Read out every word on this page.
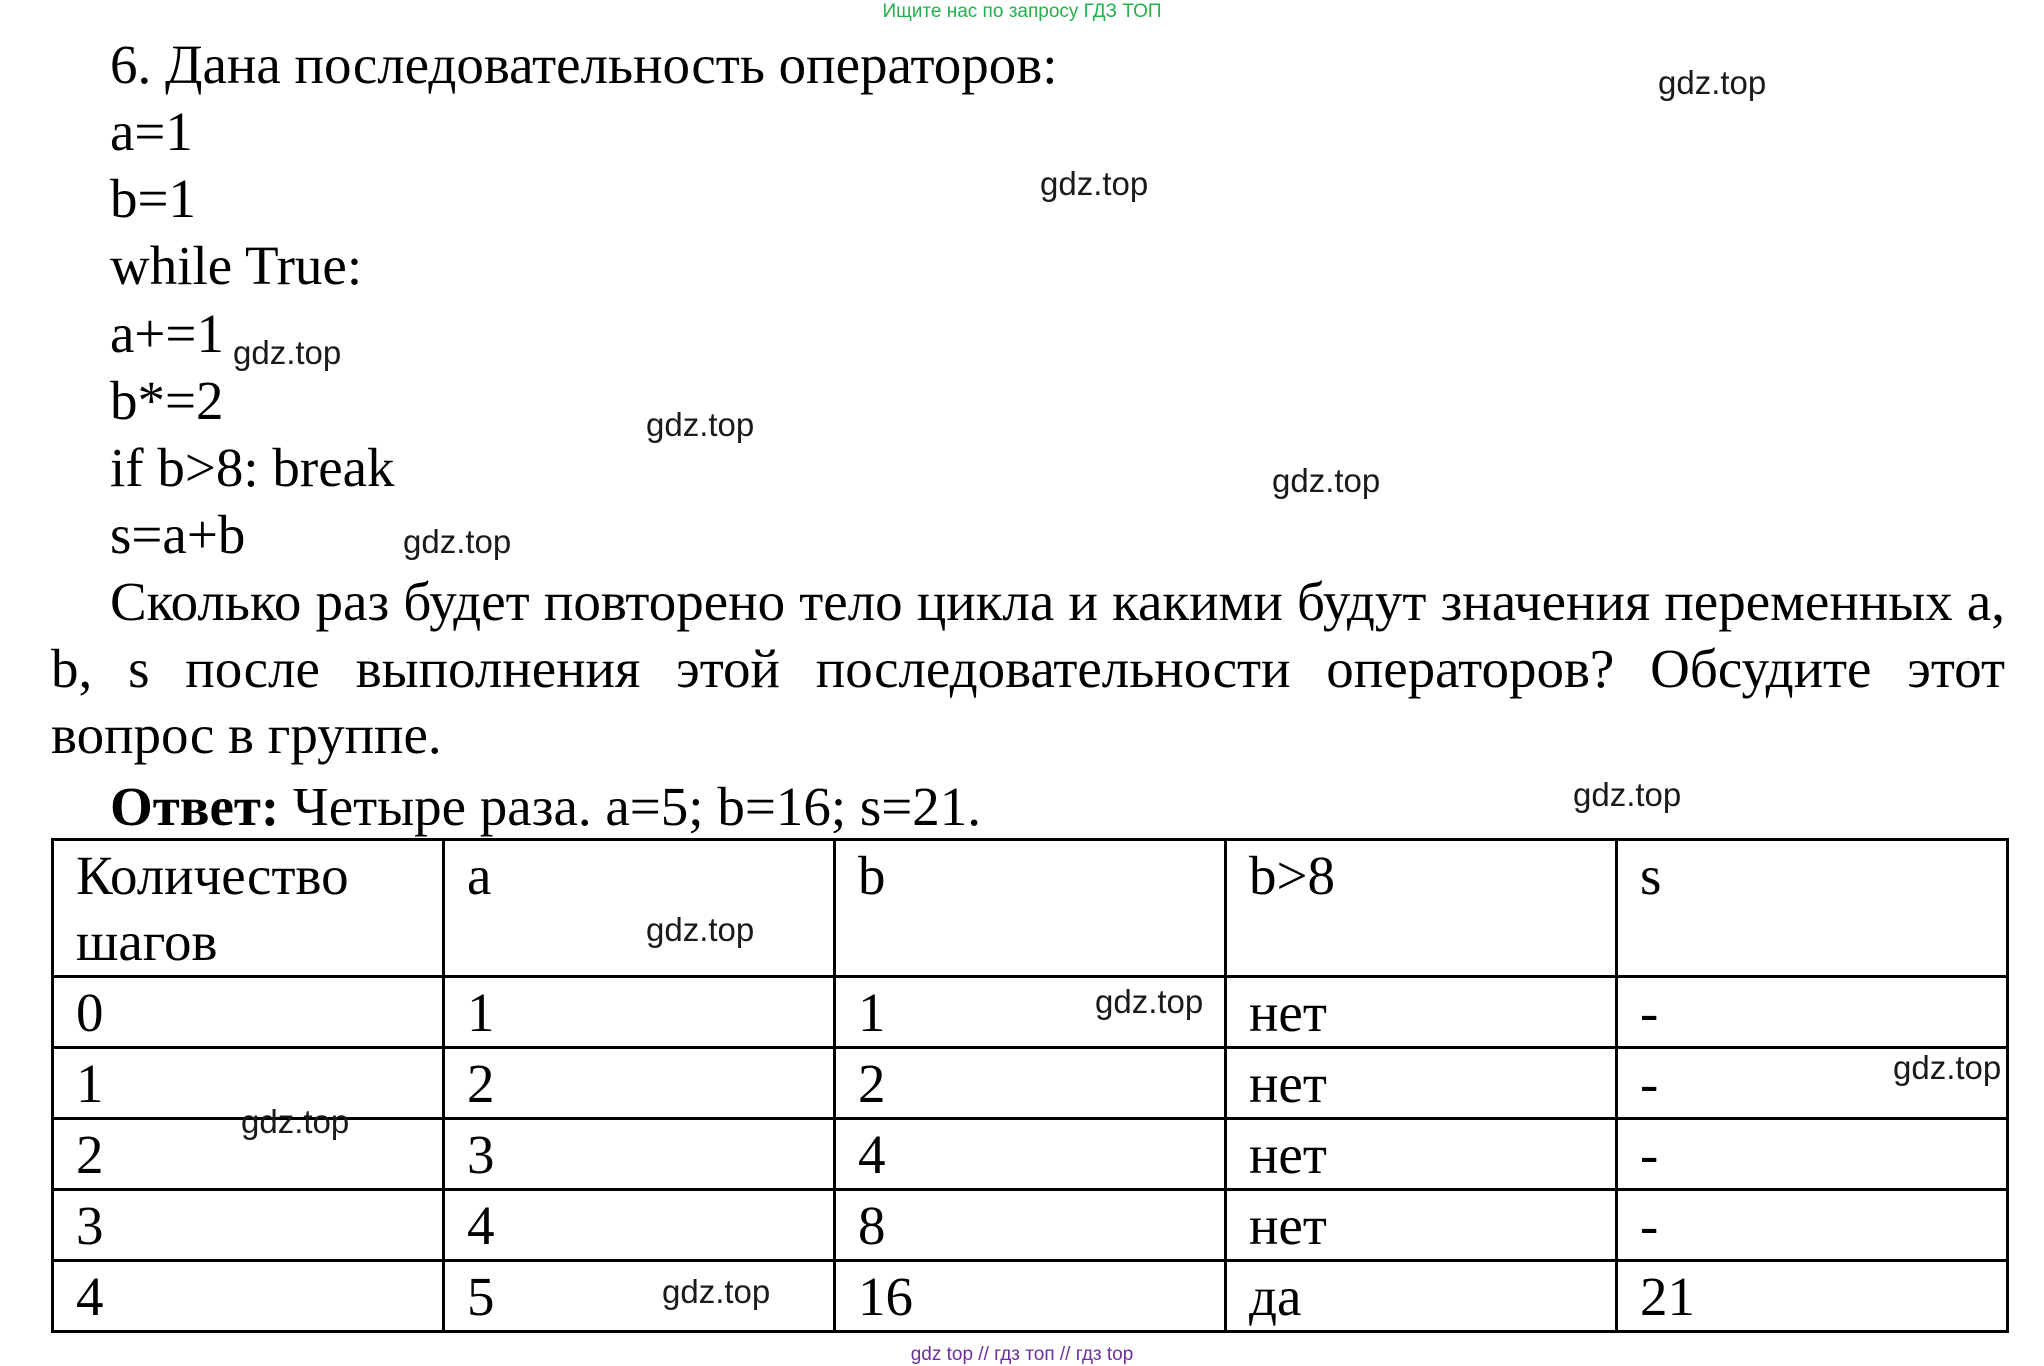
Ищите нас по запросу ГДЗ ТОП
6. Дана последовательность операторов:
a=1
b=1
while True:
a+=1
b*=2
if b>8: break
s=a+b
Сколько раз будет повторено тело цикла и какими будут значения переменных a, b, s после выполнения этой последовательности операторов? Обсудите этот вопрос в группе.
Ответ: Четыре раза. a=5; b=16; s=21.
Количество шагов	a	b	b>8	s
0	1	1	нет	-
1	2	2	нет	-
2	3	4	нет	-
3	4	8	нет	-
4	5	16	да	21
gdz.top
gdz.top
gdz.top
gdz.top
gdz.top
gdz.top
gdz.top
gdz.top
gdz.top
gdz.top
gdz.top
gdz.top
gdz top // гдз топ // гдз top
